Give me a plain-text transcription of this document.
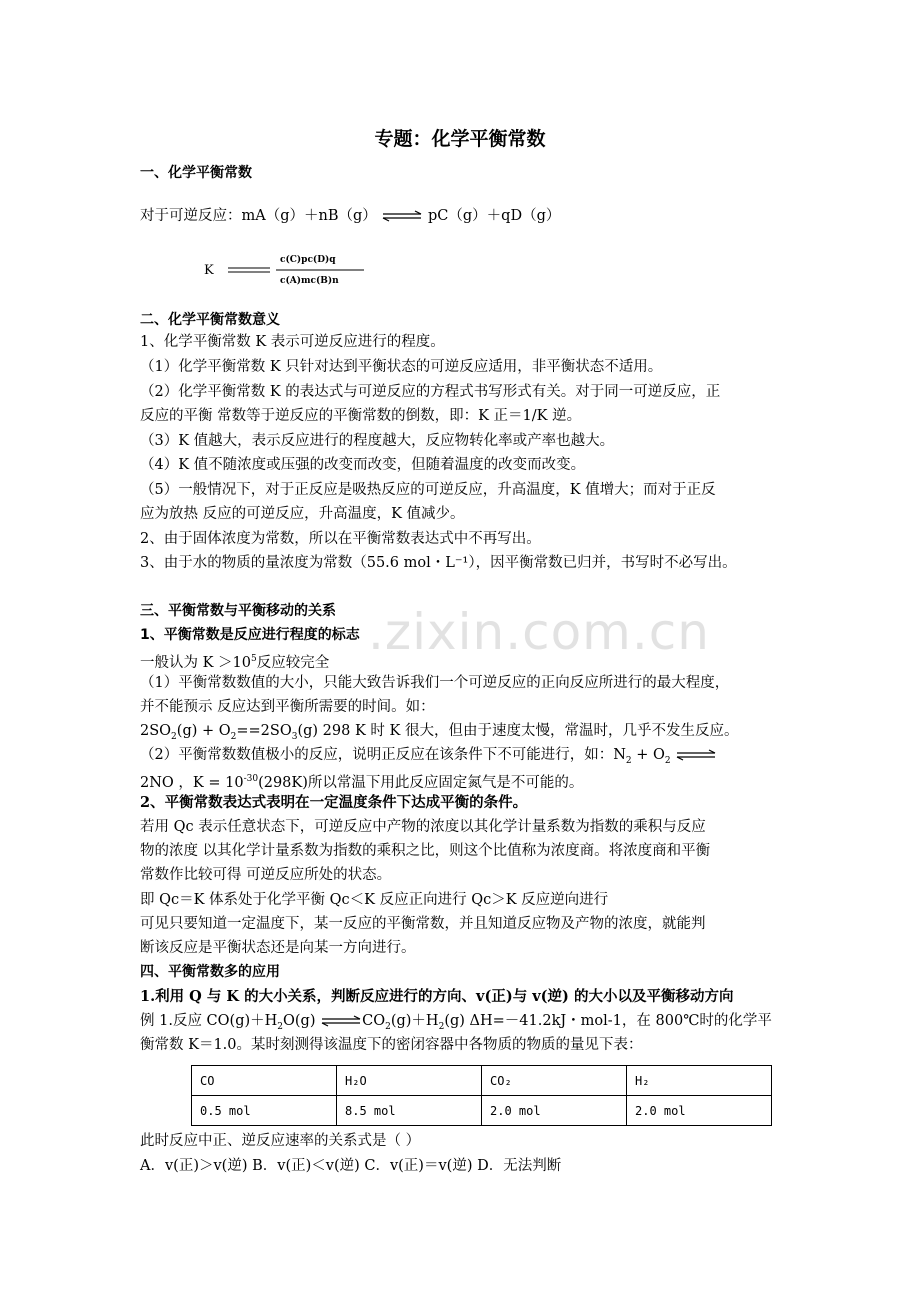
专题：化学平衡常数
一、化学平衡常数
对于可逆反应：mA（g）＋nB（g） ⇌ pC（g）＋qD（g）
K
c(C)pc(D)q
c(A)mc(B)n
二、化学平衡常数意义
1、化学平衡常数 K 表示可逆反应进行的程度。
（1）化学平衡常数 K 只针对达到平衡状态的可逆反应适用，非平衡状态不适用。
（2）化学平衡常数 K 的表达式与可逆反应的方程式书写形式有关。对于同一可逆反应，正
反应的平衡 常数等于逆反应的平衡常数的倒数，即：K 正＝1/K 逆。
（3）K 值越大，表示反应进行的程度越大，反应物转化率或产率也越大。
（4）K 值不随浓度或压强的改变而改变，但随着温度的改变而改变。
（5）一般情况下，对于正反应是吸热反应的可逆反应，升高温度，K 值增大；而对于正反
应为放热 反应的可逆反应，升高温度，K 值减少。
2、由于固体浓度为常数，所以在平衡常数表达式中不再写出。
3、由于水的物质的量浓度为常数（55.6 mol・L⁻¹），因平衡常数已归并，书写时不必写出。
.zixin.com.cn
三、平衡常数与平衡移动的关系
1、平衡常数是反应进行程度的标志
一般认为 $K >10^5$反应较完全
（1）平衡常数数值的大小，只能大致告诉我们一个可逆反应的正向反应所进行的最大程度，
并不能预示 反应达到平衡所需要的时间。如：
$2SO_2(g) + O_2==2SO_3(g)$ 298 K 时 K 很大，但由于速度太慢，常温时，几乎不发生反应。
（2）平衡常数数值极小的反应，说明正反应在该条件下不可能进行，如：$N_2 + O_2$ ⇌
2NO ，$K = 10^{-30}(298K)$所以常温下用此反应固定氮气是不可能的。
2、平衡常数表达式表明在一定温度条件下达成平衡的条件。
若用 Qc 表示任意状态下，可逆反应中产物的浓度以其化学计量系数为指数的乘积与反应
物的浓度 以其化学计量系数为指数的乘积之比，则这个比值称为浓度商。将浓度商和平衡
常数作比较可得 可逆反应所处的状态。
即 Qc＝K 体系处于化学平衡 Qc＜K 反应正向进行 Qc＞K 反应逆向进行
可见只要知道一定温度下，某一反应的平衡常数，并且知道反应物及产物的浓度，就能判
断该反应是平衡状态还是向某一方向进行。
四、平衡常数多的应用
1.利用 Q 与 K 的大小关系，判断反应进行的方向、v(正)与 v(逆) 的大小以及平衡移动方向
例 1.反应 $CO(g)+H_2O(g)$ $\rightleftharpoons CO_2(g)+H_2(g)$ ΔH=－41.2kJ・mol-1，在 800℃时的化学平
衡常数 K＝1.0。某时刻测得该温度下的密闭容器中各物质的物质的量见下表：
CO	H₂O	CO₂	H₂
0.5 mol	8.5 mol	2.0 mol	2.0 mol
此时反应中正、逆反应速率的关系式是（ ）
A．v(正)＞v(逆) B．v(正)＜v(逆) C．v(正)＝v(逆) D．无法判断
